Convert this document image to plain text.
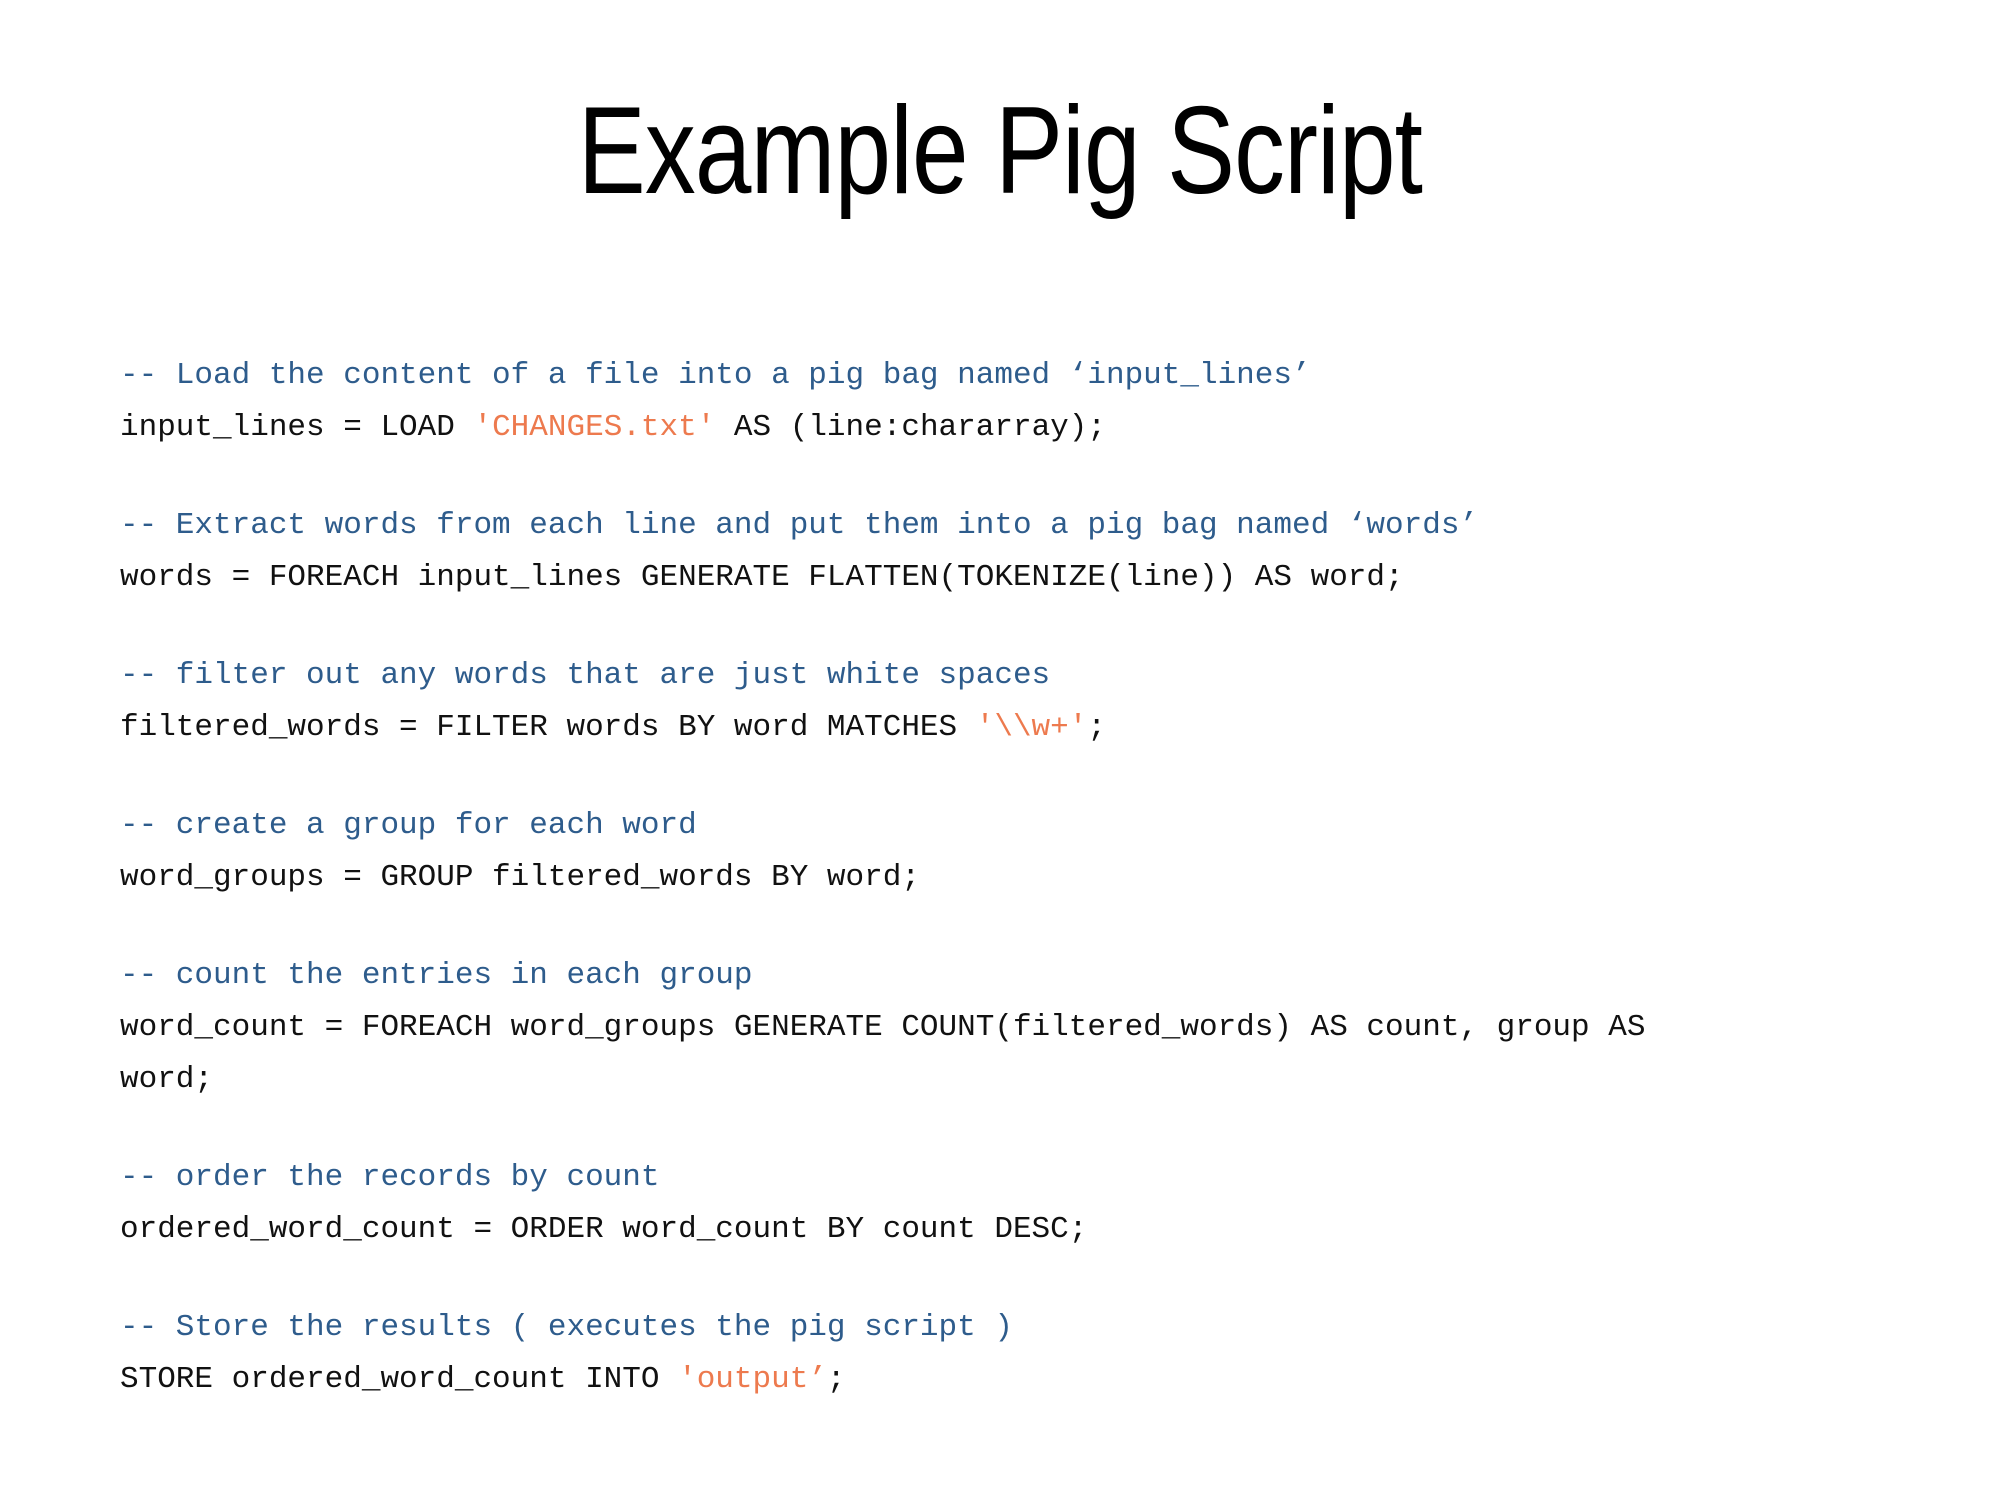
Example Pig Script
-- Load the content of a file into a pig bag named ‘input_lines’
input_lines = LOAD 'CHANGES.txt' AS (line:chararray);
-- Extract words from each line and put them into a pig bag named ‘words’
words = FOREACH input_lines GENERATE FLATTEN(TOKENIZE(line)) AS word;
-- filter out any words that are just white spaces
filtered_words = FILTER words BY word MATCHES '\\w+';
-- create a group for each word
word_groups = GROUP filtered_words BY word;
-- count the entries in each group
word_count = FOREACH word_groups GENERATE COUNT(filtered_words) AS count, group AS word;
-- order the records by count
ordered_word_count = ORDER word_count BY count DESC;
-- Store the results ( executes the pig script )
STORE ordered_word_count INTO 'output’;
